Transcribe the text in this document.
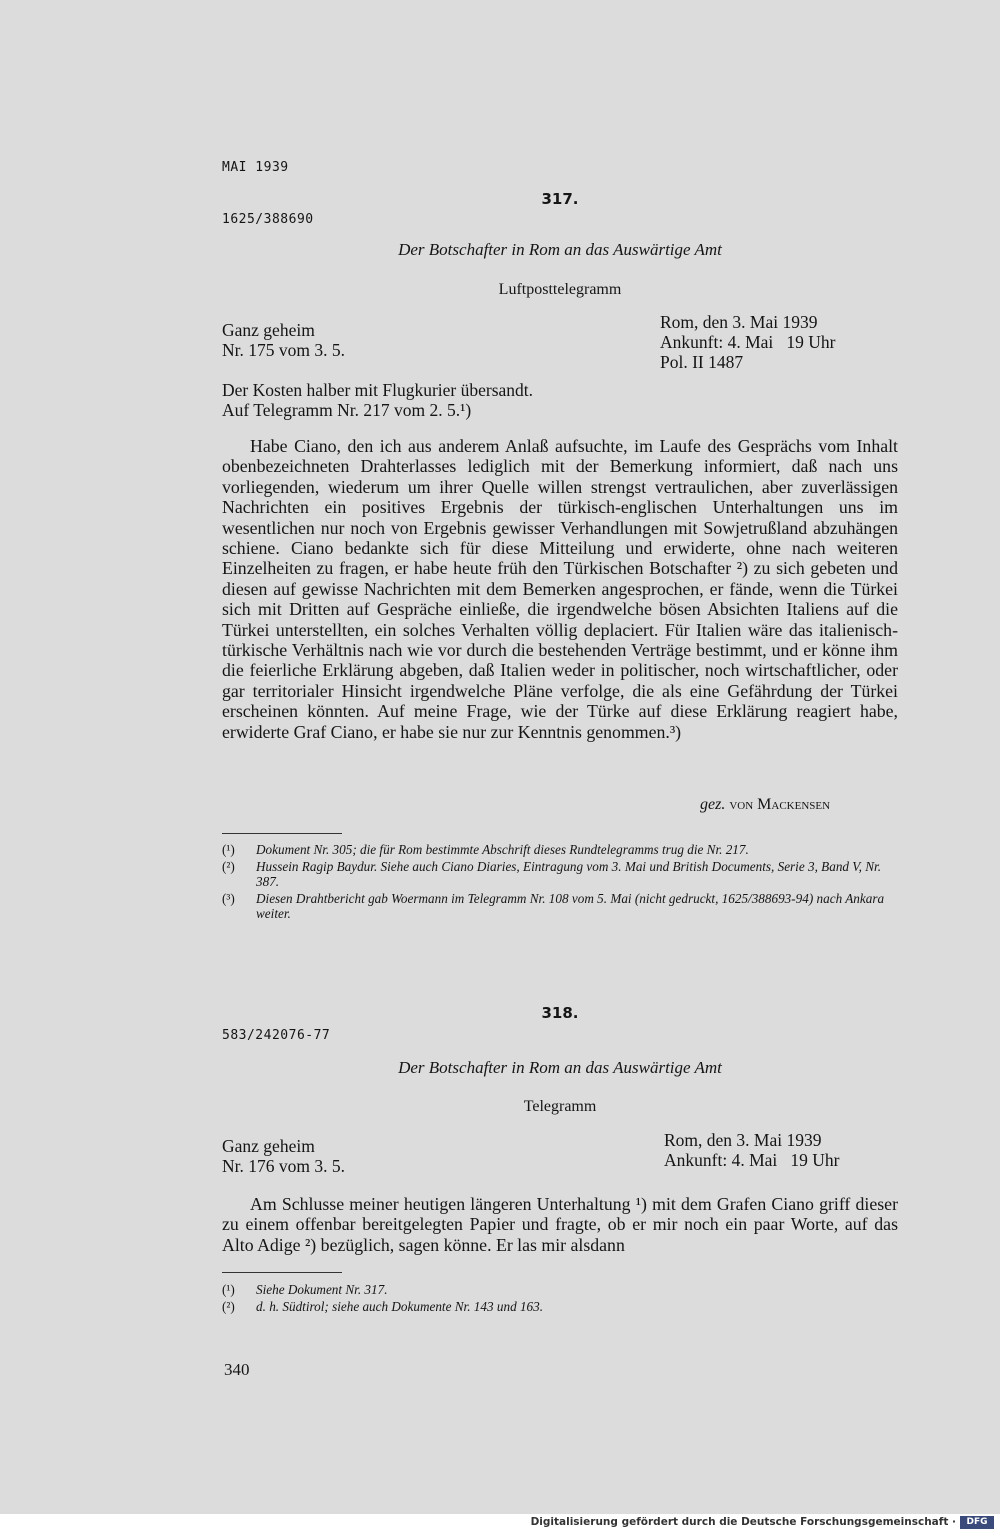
MAI 1939
317.
1625/388690
Der Botschafter in Rom an das Auswärtige Amt
Luftposttelegramm
Ganz geheim
Nr. 175 vom 3. 5.
Rom, den 3. Mai 1939
Ankunft: 4. Mai   19 Uhr
Pol. II 1487
Der Kosten halber mit Flugkurier übersandt.
Auf Telegramm Nr. 217 vom 2. 5.¹)
Habe Ciano, den ich aus anderem Anlaß aufsuchte, im Laufe des Gesprächs vom Inhalt obenbezeichneten Drahterlasses lediglich mit der Bemerkung informiert, daß nach uns vorliegenden, wiederum um ihrer Quelle willen strengst vertraulichen, aber zuverlässigen Nachrichten ein positives Ergebnis der türkisch-englischen Unterhaltungen uns im wesentlichen nur noch von Ergebnis gewisser Verhandlungen mit Sowjetrußland abzuhängen schiene. Ciano bedankte sich für diese Mitteilung und erwiderte, ohne nach weiteren Einzelheiten zu fragen, er habe heute früh den Türkischen Botschafter ²) zu sich gebeten und diesen auf gewisse Nachrichten mit dem Bemerken angesprochen, er fände, wenn die Türkei sich mit Dritten auf Gespräche einließe, die irgendwelche bösen Absichten Italiens auf die Türkei unterstellten, ein solches Verhalten völlig deplaciert. Für Italien wäre das italienisch-türkische Verhältnis nach wie vor durch die bestehenden Verträge bestimmt, und er könne ihm die feierliche Erklärung abgeben, daß Italien weder in politischer, noch wirtschaftlicher, oder gar territorialer Hinsicht irgendwelche Pläne verfolge, die als eine Gefährdung der Türkei erscheinen könnten. Auf meine Frage, wie der Türke auf diese Erklärung reagiert habe, erwiderte Graf Ciano, er habe sie nur zur Kenntnis genommen.³)
gez. von Mackensen
(¹)	Dokument Nr. 305; die für Rom bestimmte Abschrift dieses Rundtelegramms trug die Nr. 217.
(²)	Hussein Ragip Baydur. Siehe auch Ciano Diaries, Eintragung vom 3. Mai und British Documents, Serie 3, Band V, Nr. 387.
(³)	Diesen Drahtbericht gab Woermann im Telegramm Nr. 108 vom 5. Mai (nicht gedruckt, 1625/388693-94) nach Ankara weiter.
318.
583/242076-77
Der Botschafter in Rom an das Auswärtige Amt
Telegramm
Ganz geheim
Nr. 176 vom 3. 5.
Rom, den 3. Mai 1939
Ankunft: 4. Mai   19 Uhr
Am Schlusse meiner heutigen längeren Unterhaltung ¹) mit dem Grafen Ciano griff dieser zu einem offenbar bereitgelegten Papier und fragte, ob er mir noch ein paar Worte, auf das Alto Adige ²) bezüglich, sagen könne. Er las mir alsdann
(¹)	Siehe Dokument Nr. 317.
(²)	d. h. Südtirol; siehe auch Dokumente Nr. 143 und 163.
340
Digitalisierung gefördert durch die Deutsche Forschungsgemeinschaft ·	DFG
